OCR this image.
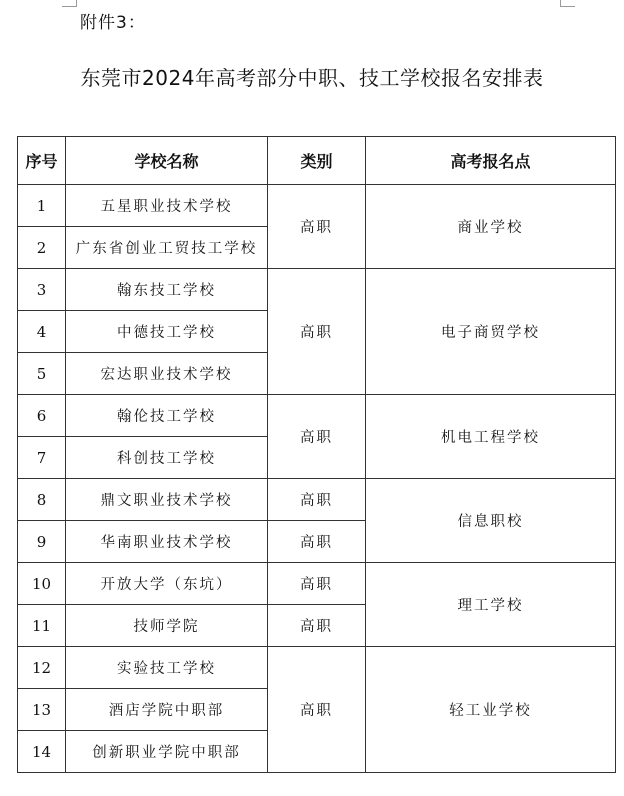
附件3：
东莞市2024年高考部分中职、技工学校报名安排表
序号	学校名称	类别	高考报名点
1	五星职业技术学校	高职	商业学校
2	广东省创业工贸技工学校		
3	翰东技工学校	高职	电子商贸学校
4	中德技工学校		
5	宏达职业技术学校		
6	翰伦技工学校	高职	机电工程学校
7	科创技工学校		
8	鼎文职业技术学校	高职	信息职校
9	华南职业技术学校	高职	
10	开放大学（东坑）	高职	理工学校
11	技师学院	高职	
12	实验技工学校	高职	轻工业学校
13	酒店学院中职部		
14	创新职业学院中职部		
